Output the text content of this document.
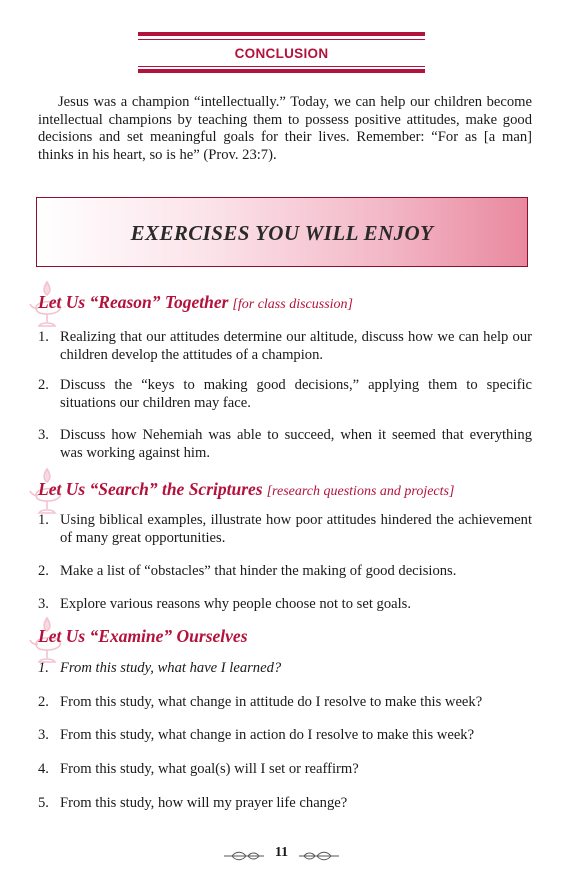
CONCLUSION
Jesus was a champion “intellectually.” Today, we can help our children become intellectual champions by teaching them to possess positive attitudes, make good decisions and set meaningful goals for their lives. Remember: “For as [a man] thinks in his heart, so is he” (Prov. 23:7).
EXERCISES YOU WILL ENJOY
Let Us “Reason” Together [for class discussion]
1. Realizing that our attitudes determine our altitude, discuss how we can help our children develop the attitudes of a champion.
2. Discuss the “keys to making good decisions,” applying them to specific situations our children may face.
3. Discuss how Nehemiah was able to succeed, when it seemed that everything was working against him.
Let Us “Search” the Scriptures [research questions and projects]
1. Using biblical examples, illustrate how poor attitudes hindered the achievement of many great opportunities.
2. Make a list of “obstacles” that hinder the making of good decisions.
3. Explore various reasons why people choose not to set goals.
Let Us “Examine” Ourselves
1. From this study, what have I learned?
2. From this study, what change in attitude do I resolve to make this week?
3. From this study, what change in action do I resolve to make this week?
4. From this study, what goal(s) will I set or reaffirm?
5. From this study, how will my prayer life change?
11
